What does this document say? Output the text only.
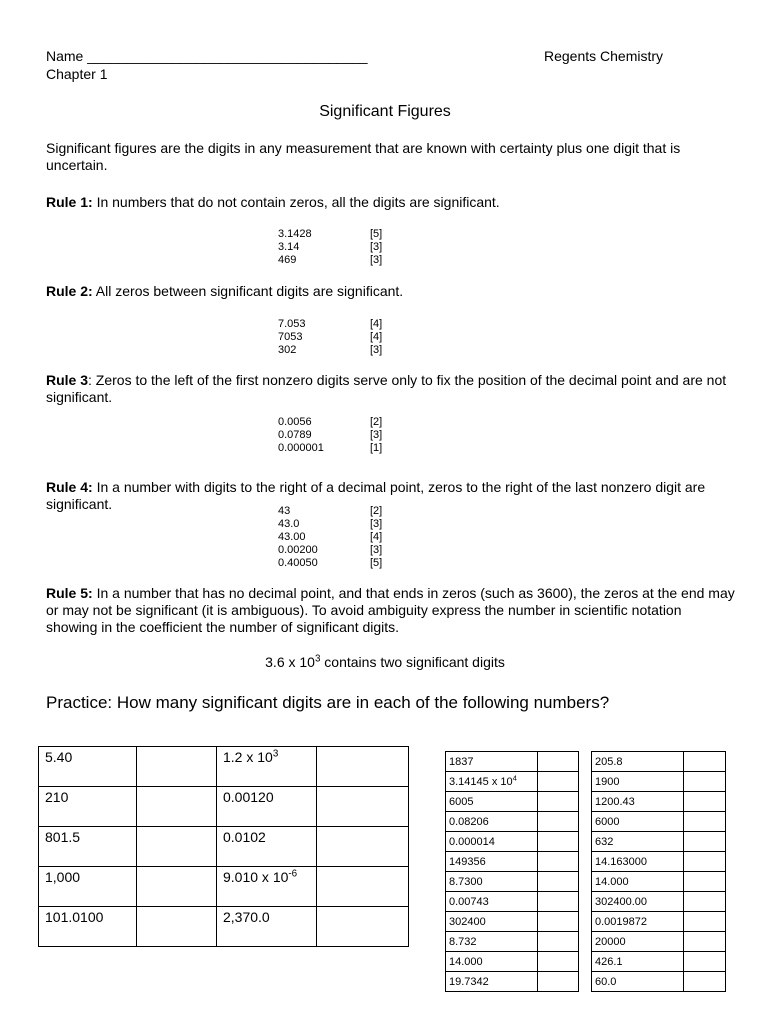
Name ____________________________________	Regents Chemistry
Chapter 1
Significant Figures
Significant figures are the digits in any measurement that are known with certainty plus one digit that is uncertain.
Rule 1: In numbers that do not contain zeros, all the digits are significant.
3.1428	[5]
3.14	[3]
469	[3]
Rule 2: All zeros between significant digits are significant.
7.053	[4]
7053	[4]
302	[3]
Rule 3: Zeros to the left of the first nonzero digits serve only to fix the position of the decimal point and are not significant.
0.0056	[2]
0.0789	[3]
0.000001	[1]
Rule 4: In a number with digits to the right of a decimal point, zeros to the right of the last nonzero digit are significant.	43	[2]
43.0	[3]
43.00	[4]
0.00200	[3]
0.40050	[5]
Rule 5: In a number that has no decimal point, and that ends in zeros (such as 3600), the zeros at the end may or may not be significant (it is ambiguous). To avoid ambiguity express the number in scientific notation showing in the coefficient the number of significant digits.
3.6 x $10^3$ contains two significant digits
Practice: How many significant digits are in each of the following numbers?
5.40		1.2 x $10^3$	
210		0.00120	
801.5		0.0102	
1,000		9.010 x $10^{-6}$	
101.0100		2,370.0	
1837	
3.14145 x $10^4$	
6005	
0.08206	
0.000014	
149356	
8.7300	
0.00743	
302400	
8.732	
14.000	
19.7342	
205.8	
1900	
1200.43	
6000	
632	
14.163000	
14.000	
302400.00	
0.0019872	
20000	
426.1	
60.0	
